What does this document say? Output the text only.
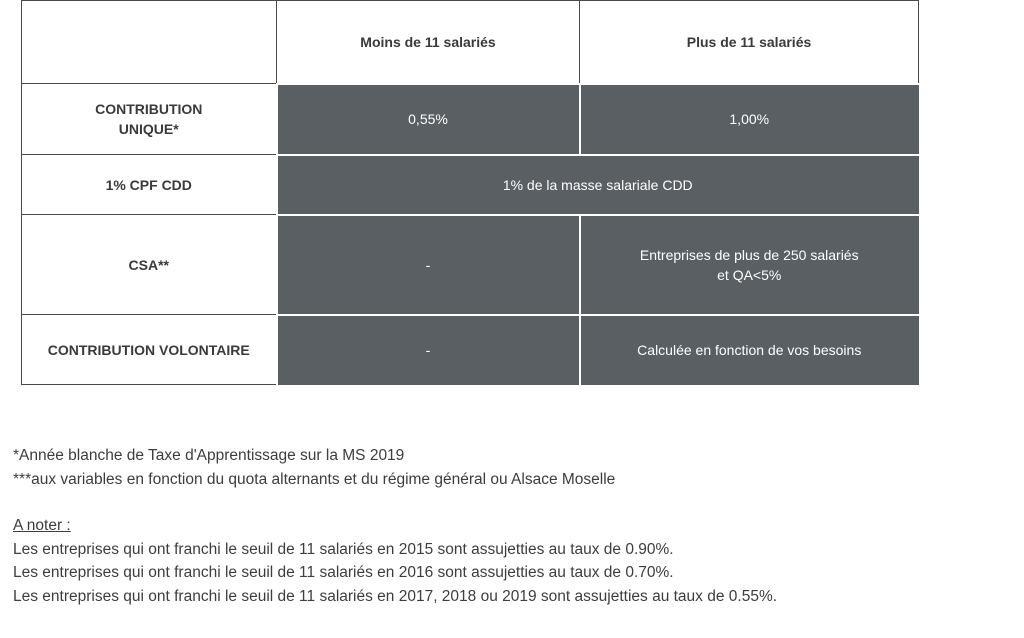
	Moins de 11 salariés	Plus de 11 salariés

CONTRIBUTION
UNIQUE*	0,55%	1,00%
1% CPF CDD	1% de la masse salariale CDD	
CSA**	-	Entreprises de plus de 250 salariés
et QA<5%

CONTRIBUTION VOLONTAIRE	-	Calculée en fonction de vos besoins
*Année blanche de Taxe d'Apprentissage sur la MS 2019
***aux variables en fonction du quota alternants et du régime général ou Alsace Moselle
A noter :
Les entreprises qui ont franchi le seuil de 11 salariés en 2015 sont assujetties au taux de 0.90%.
Les entreprises qui ont franchi le seuil de 11 salariés en 2016 sont assujetties au taux de 0.70%.
Les entreprises qui ont franchi le seuil de 11 salariés en 2017, 2018 ou 2019 sont assujetties au taux de 0.55%.
